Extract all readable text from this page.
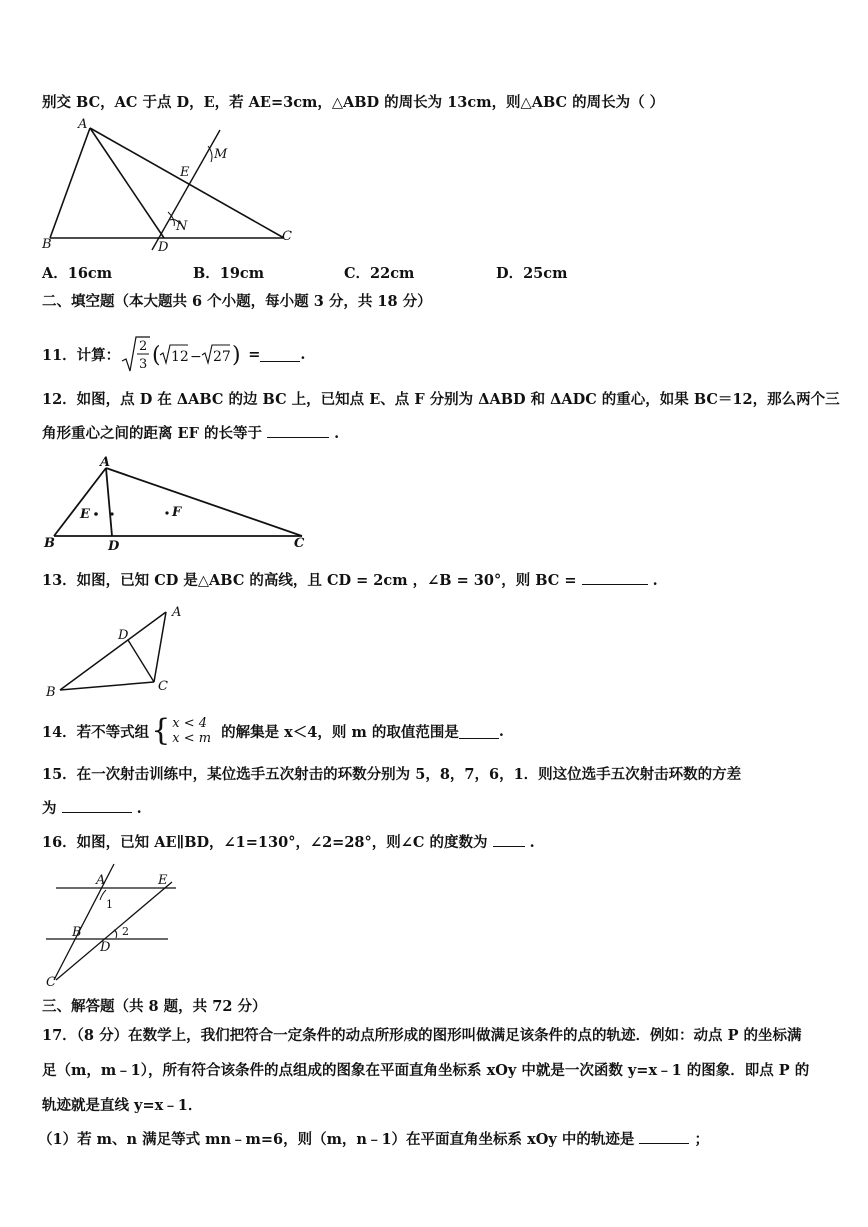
别交 BC，AC 于点 D，E，若 AE=3cm，△ABD 的周长为 13cm，则△ABC 的周长为（ ）
A
B
C
D
E
M
N
A．16cm	B．19cm	C．22cm	D．25cm
二、填空题（本大题共 6 个小题，每小题 3 分，共 18 分）
11．计算： 2
3 ( 12 − 27 ) =	.
12．如图，点 D 在 ΔABC 的边 BC 上，已知点 E、点 F 分别为 ΔABD 和 ΔADC 的重心，如果 BC＝12，那么两个三
角形重心之间的距离 EF 的长等于	.
A
B	C
D
E	F
13．如图，已知 CD 是△ABC 的高线，且 CD = 2cm ，∠B = 30°，则 BC =	.
A
B	C
D
14．若不等式组 { x < 4
x < m 的解集是 x＜4，则 m 的取值范围是	.
15．在一次射击训练中，某位选手五次射击的环数分别为 5，8，7，6，1．则这位选手五次射击环数的方差
为	.
16．如图，已知 AE∥BD，∠1=130°，∠2=28°，则∠C 的度数为	.
A	E
B
D
C
1
2
三、解答题（共 8 题，共 72 分）
17．（8 分）在数学上，我们把符合一定条件的动点所形成的图形叫做满足该条件的点的轨迹．例如：动点 P 的坐标满
足（m，m﹣1），所有符合该条件的点组成的图象在平面直角坐标系 xOy 中就是一次函数 y=x﹣1 的图象．即点 P 的
轨迹就是直线 y=x﹣1．
（1）若 m、n 满足等式 mn﹣m=6，则（m，n﹣1）在平面直角坐标系 xOy 中的轨迹是	；
